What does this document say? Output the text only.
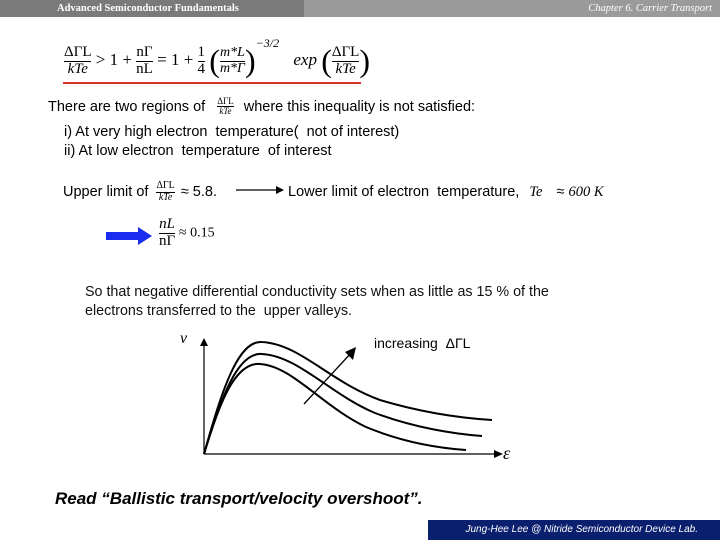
Advanced Semiconductor Fundamentals	Chapter 6. Carrier Transport
$\frac{\text{ΔΓL}}{\text{kTe}} > 1 + \frac{n\Gamma}{nL} = 1 + \frac{1}{4}$ ( $\frac{m*L}{m*\Gamma} )^{-3/2}$ exp ( $\frac{\text{ΔΓL}}{\text{kTe}}$ )
There are two regions of $\frac{\text{ΔΓL}}{\text{kTe}}$ where this inequality is not satisfied:
i) At very high electron  temperature(  not of interest)
ii) At low electron  temperature  of interest
Upper limit of $\frac{\text{ΔΓL}}{\text{kTe}} \approx 5.8$.	Lower limit of electron  temperature, Te ≈ 600 K
$\frac{nL}{n\Gamma} \approx 0.15$
So that negative differential conductivity sets when as little as 15 % of the
electrons transferred to the  upper valleys.
v
ε
increasing  ΔΓL
Read “Ballistic transport/velocity overshoot”.
Jung-Hee Lee @ Nitride Semiconductor Device Lab.
